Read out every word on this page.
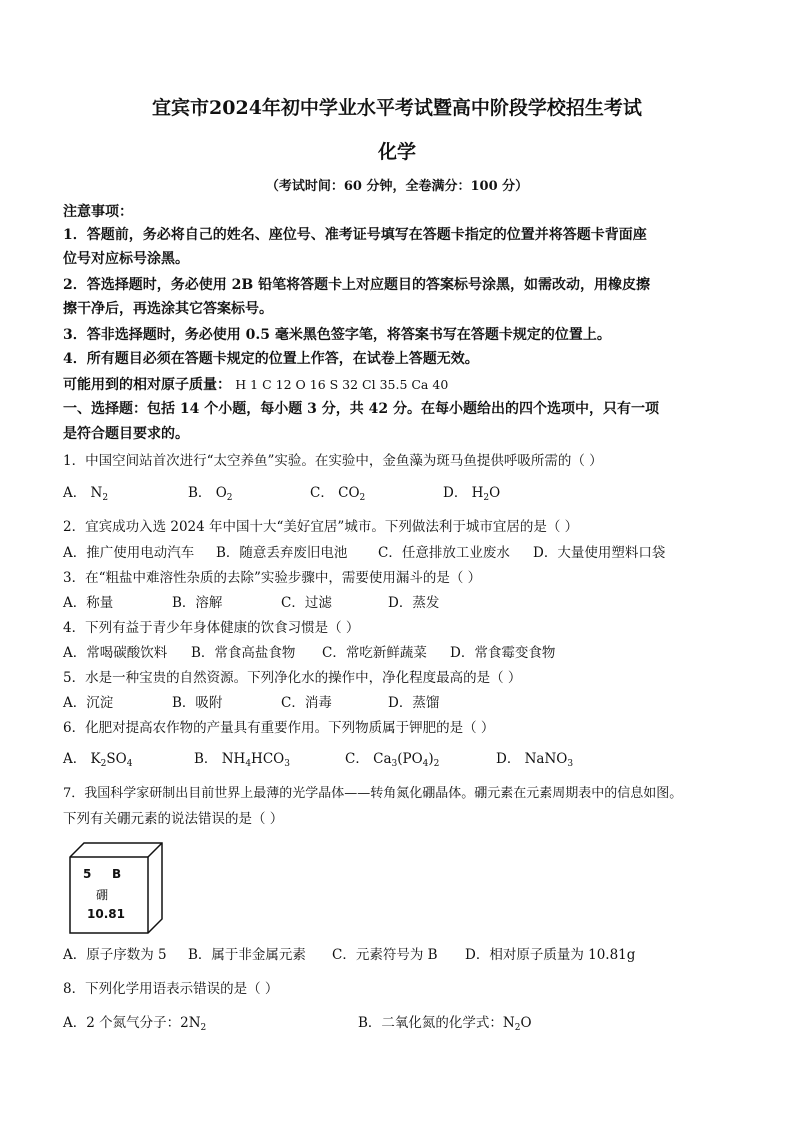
宜宾市2024年初中学业水平考试暨高中阶段学校招生考试
化学
（考试时间：60 分钟，全卷满分：100 分）
注意事项：
1．答题前，务必将自己的姓名、座位号、准考证号填写在答题卡指定的位置并将答题卡背面座
位号对应标号涂黑。
2．答选择题时，务必使用 2B 铅笔将答题卡上对应题目的答案标号涂黑，如需改动，用橡皮擦
擦干净后，再选涂其它答案标号。
3．答非选择题时，务必使用 0.5 毫米黑色签字笔，将答案书写在答题卡规定的位置上。
4．所有题目必须在答题卡规定的位置上作答，在试卷上答题无效。
可能用到的相对原子质量： H 1 C 12 O 16 S 32 Cl 35.5 Ca 40
一、选择题：包括 14 个小题，每小题 3 分，共 42 分。在每小题给出的四个选项中，只有一项
是符合题目要求的。
1．中国空间站首次进行“太空养鱼”实验。在实验中，金鱼藻为斑马鱼提供呼吸所需的（ ）
A． $N_2$	B． $O_2$	C． $CO_2$	D． $H_2O$
2．宜宾成功入选 2024 年中国十大“美好宜居”城市。下列做法利于城市宜居的是（ ）
A．推广使用电动汽车 B．随意丢弃废旧电池 C．任意排放工业废水 D．大量使用塑料口袋
3．在“粗盐中难溶性杂质的去除”实验步骤中，需要使用漏斗的是（ ）
A．称量	B．溶解	C．过滤	D．蒸发
4．下列有益于青少年身体健康的饮食习惯是（ ）
A．常喝碳酸饮料 B．常食高盐食物 C．常吃新鲜蔬菜 D．常食霉变食物
5．水是一种宝贵的自然资源。下列净化水的操作中，净化程度最高的是（ ）
A．沉淀	B．吸附	C．消毒	D．蒸馏
6．化肥对提高农作物的产量具有重要作用。下列物质属于钾肥的是（ ）
A． $K_2SO_4$	B． $NH_4HCO_3$	C． $Ca_3(PO_4)_2$	D． NaNO$_3$
7．我国科学家研制出目前世界上最薄的光学晶体——转角氮化硼晶体。硼元素在元素周期表中的信息如图。
下列有关硼元素的说法错误的是（ ）
5 B
硼
10.81
A．原子序数为 5 B．属于非金属元素 C．元素符号为 B D．相对原子质量为 10.81g
8．下列化学用语表示错误的是（ ）
A．2 个氮气分子：$2N_2$	B．二氧化氮的化学式：$N_2O$
